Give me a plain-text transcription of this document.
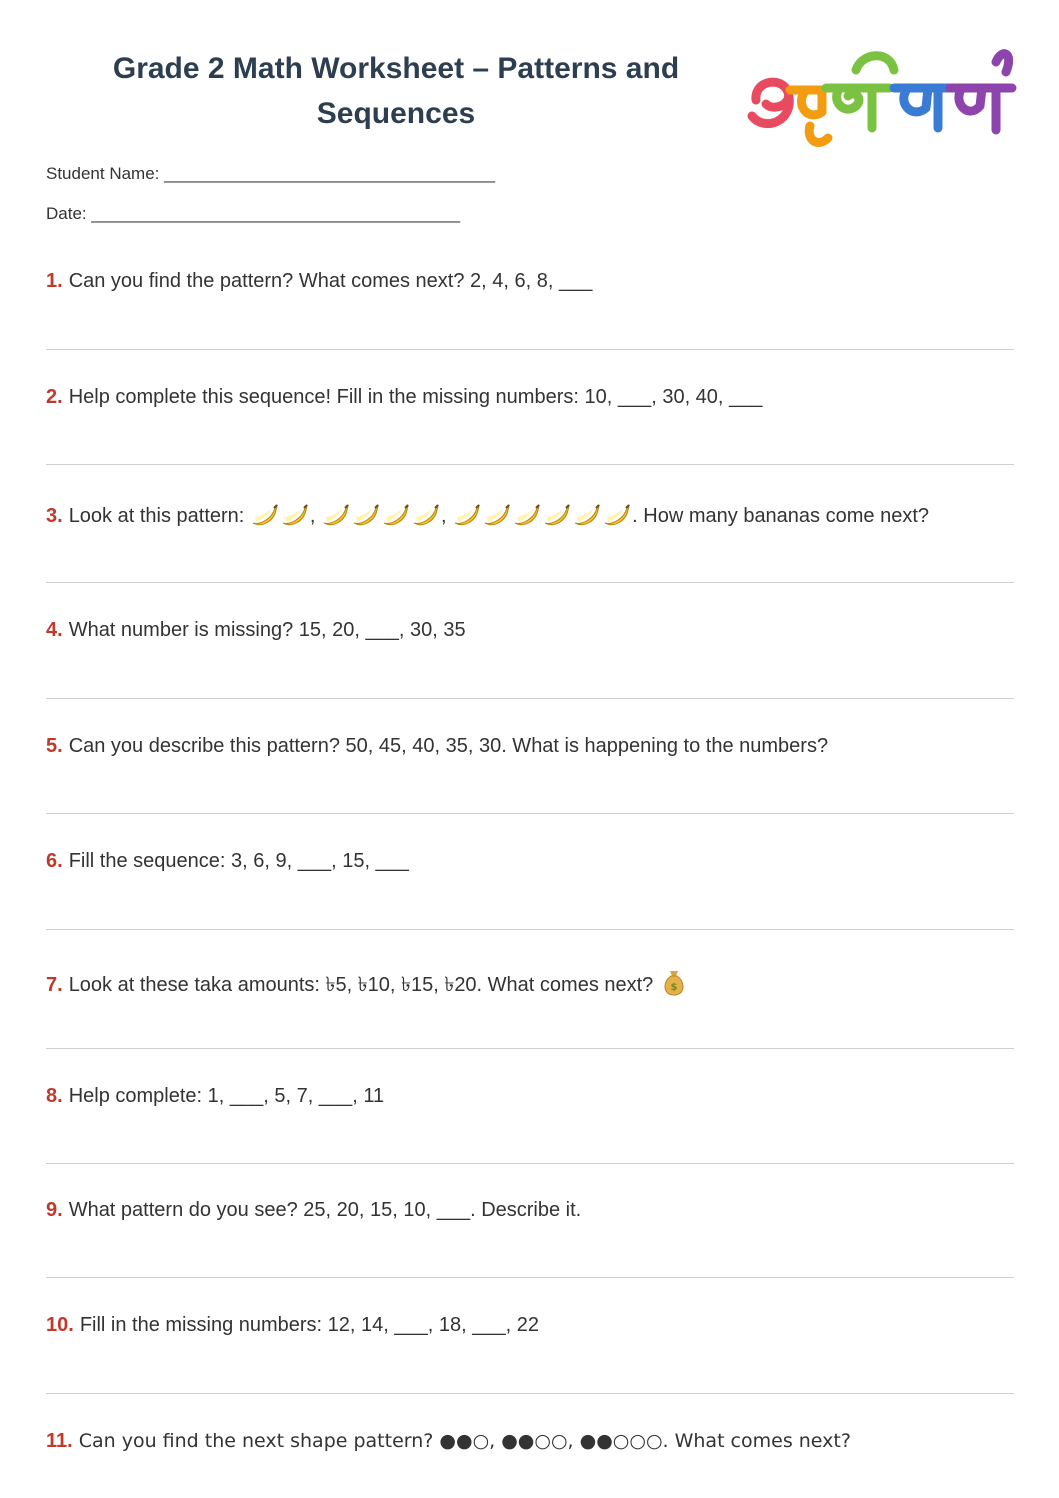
Grade 2 Math Worksheet – Patterns and Sequences
Student Name: ___________________________________
Date: _______________________________________
1. Can you find the pattern? What comes next? 2, 4, 6, 8, ___
2. Help complete this sequence! Fill in the missing numbers: 10, ___, 30, 40, ___
3. Look at this pattern:	,	,	. How many bananas come next?
4. What number is missing? 15, 20, ___, 30, 35
5. Can you describe this pattern? 50, 45, 40, 35, 30. What is happening to the numbers?
6. Fill the sequence: 3, 6, 9, ___, 15, ___
7. Look at these taka amounts: ৳5, ৳10, ৳15, ৳20. What comes next? $
8. Help complete: 1, ___, 5, 7, ___, 11
9. What pattern do you see? 25, 20, 15, 10, ___. Describe it.
10. Fill in the missing numbers: 12, 14, ___, 18, ___, 22
11. Can you find the next shape pattern? ●●○, ●●○○, ●●○○○. What comes next?
